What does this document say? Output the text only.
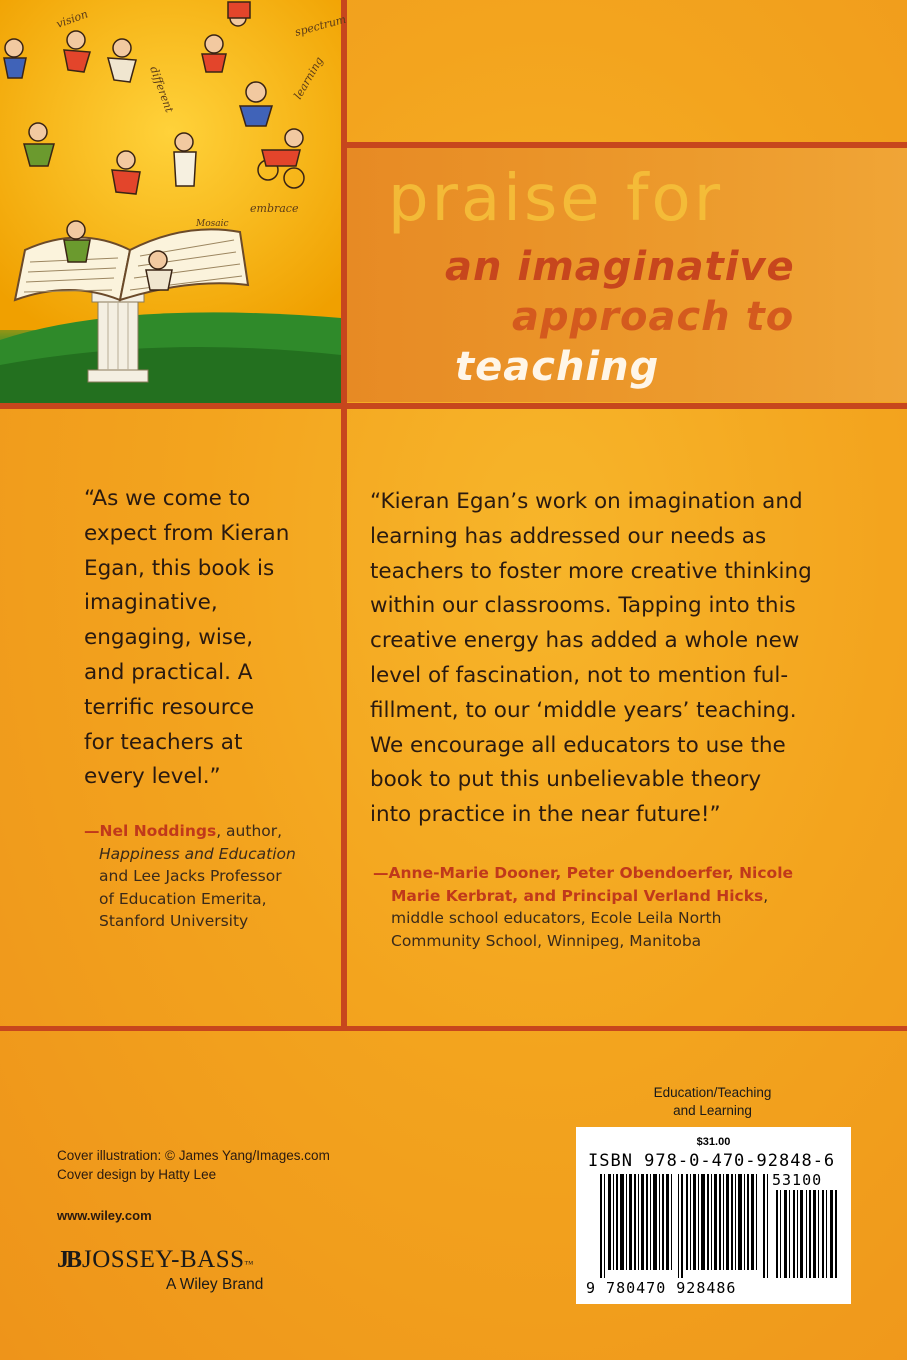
vision
different
spectrum
learning
embrace
Mosaic praise for
an imaginative
approach to
teaching
“As we come to
expect from Kieran
Egan, this book is
imaginative,
engaging, wise,
and practical. A
terrific resource
for teachers at
every level.”
—Nel Noddings, author,
Happiness and Education
and Lee Jacks Professor
of Education Emerita,
Stanford University
“Kieran Egan’s work on imagination and
learning has addressed our needs as
teachers to foster more creative thinking
within our classrooms. Tapping into this
creative energy has added a whole new
level of fascination, not to mention ful-
fillment, to our ‘middle years’ teaching.
We encourage all educators to use the
book to put this unbelievable theory
into practice in the near future!”
—Anne-Marie Dooner, Peter Obendoerfer, Nicole
Marie Kerbrat, and Principal Verland Hicks,
middle school educators, Ecole Leila North
Community School, Winnipeg, Manitoba
Cover illustration: © James Yang/Images.com
Cover design by Hatty Lee
www.wiley.com
JB JOSSEY-BASS ™
A Wiley Brand
Education/Teaching
and Learning
$31.00
ISBN 978-0-470-92848-6
53100
9 780470 928486
